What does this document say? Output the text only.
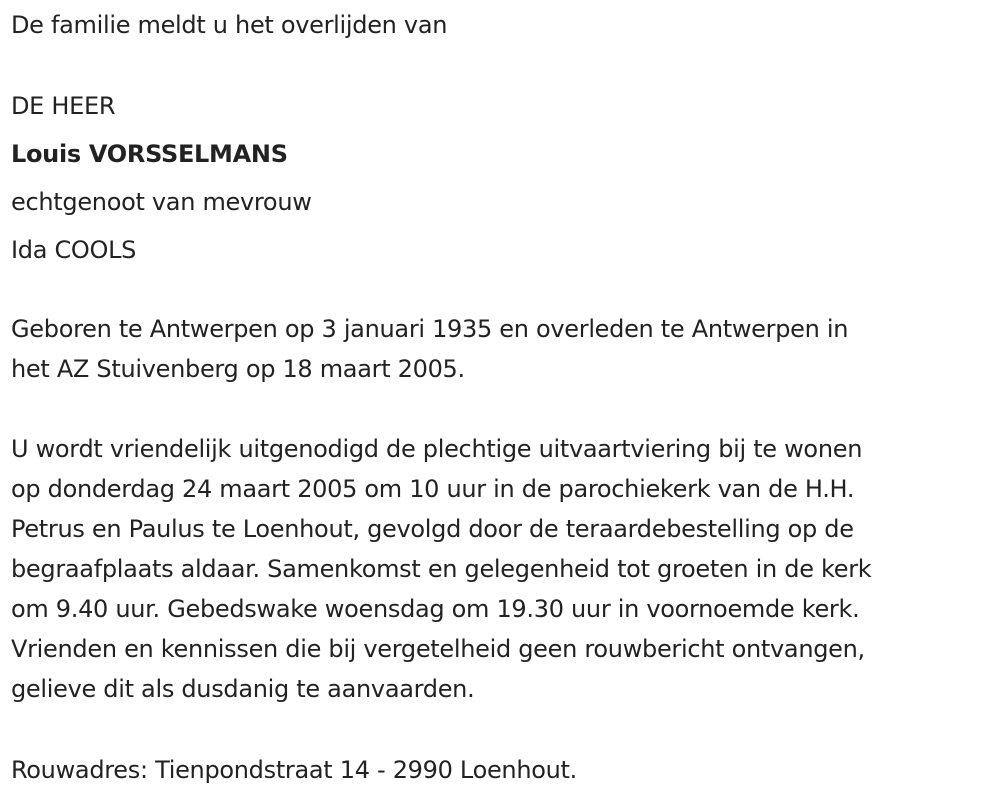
De familie meldt u het overlijden van
DE HEER
Louis VORSSELMANS
echtgenoot van mevrouw
Ida COOLS
Geboren te Antwerpen op 3 januari 1935 en overleden te Antwerpen in
het AZ Stuivenberg op 18 maart 2005.
U wordt vriendelijk uitgenodigd de plechtige uitvaartviering bij te wonen
op donderdag 24 maart 2005 om 10 uur in de parochiekerk van de H.H.
Petrus en Paulus te Loenhout, gevolgd door de teraardebestelling op de
begraafplaats aldaar. Samenkomst en gelegenheid tot groeten in de kerk
om 9.40 uur. Gebedswake woensdag om 19.30 uur in voornoemde kerk.
Vrienden en kennissen die bij vergetelheid geen rouwbericht ontvangen,
gelieve dit als dusdanig te aanvaarden.
Rouwadres: Tienpondstraat 14 - 2990 Loenhout.
